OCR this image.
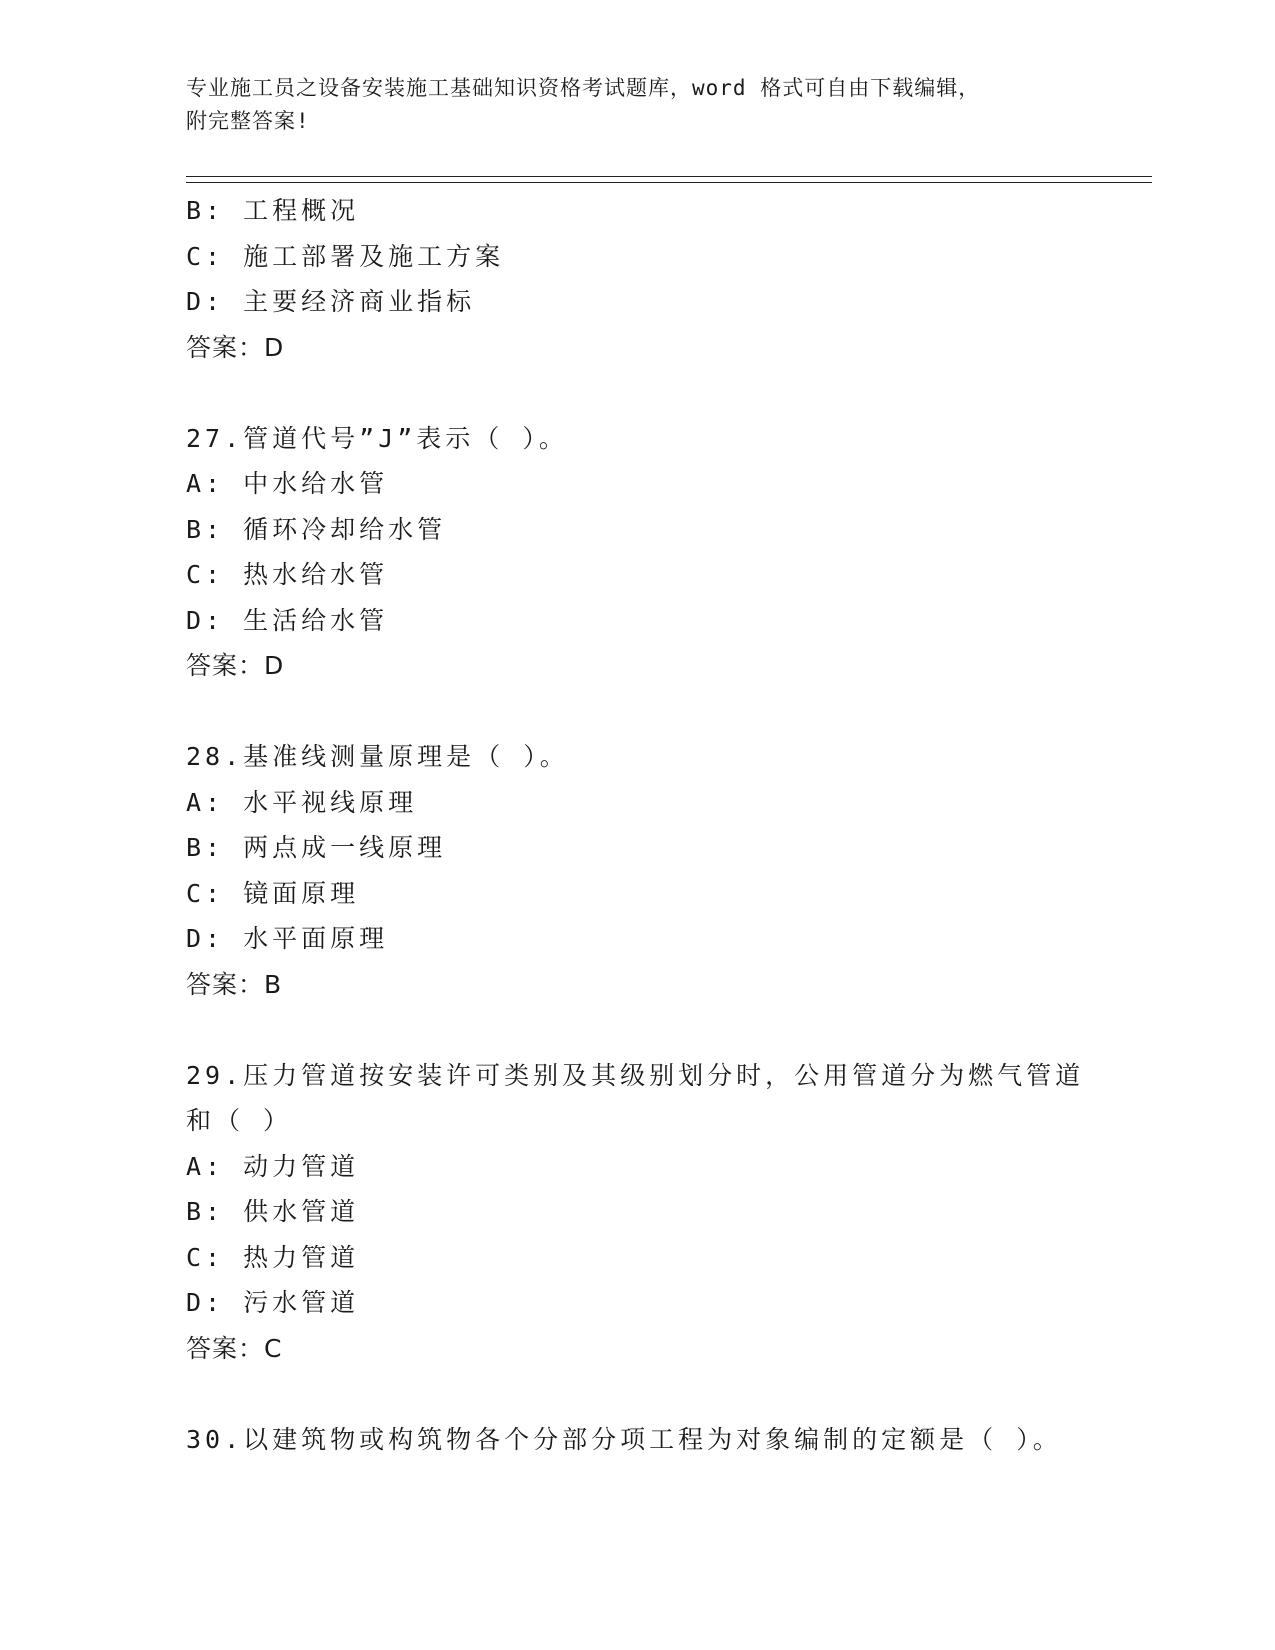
专业施工员之设备安装施工基础知识资格考试题库，word 格式可自由下载编辑，
附完整答案!
B: 工程概况
C: 施工部署及施工方案
D: 主要经济商业指标
答案：D
27.管道代号”J”表示（ ）。
A: 中水给水管
B: 循环冷却给水管
C: 热水给水管
D: 生活给水管
答案：D
28.基准线测量原理是（ ）。
A: 水平视线原理
B: 两点成一线原理
C: 镜面原理
D: 水平面原理
答案：B
29.压力管道按安装许可类别及其级别划分时，公用管道分为燃气管道
和（ ）
A: 动力管道
B: 供水管道
C: 热力管道
D: 污水管道
答案：C
30.以建筑物或构筑物各个分部分项工程为对象编制的定额是（ ）。
